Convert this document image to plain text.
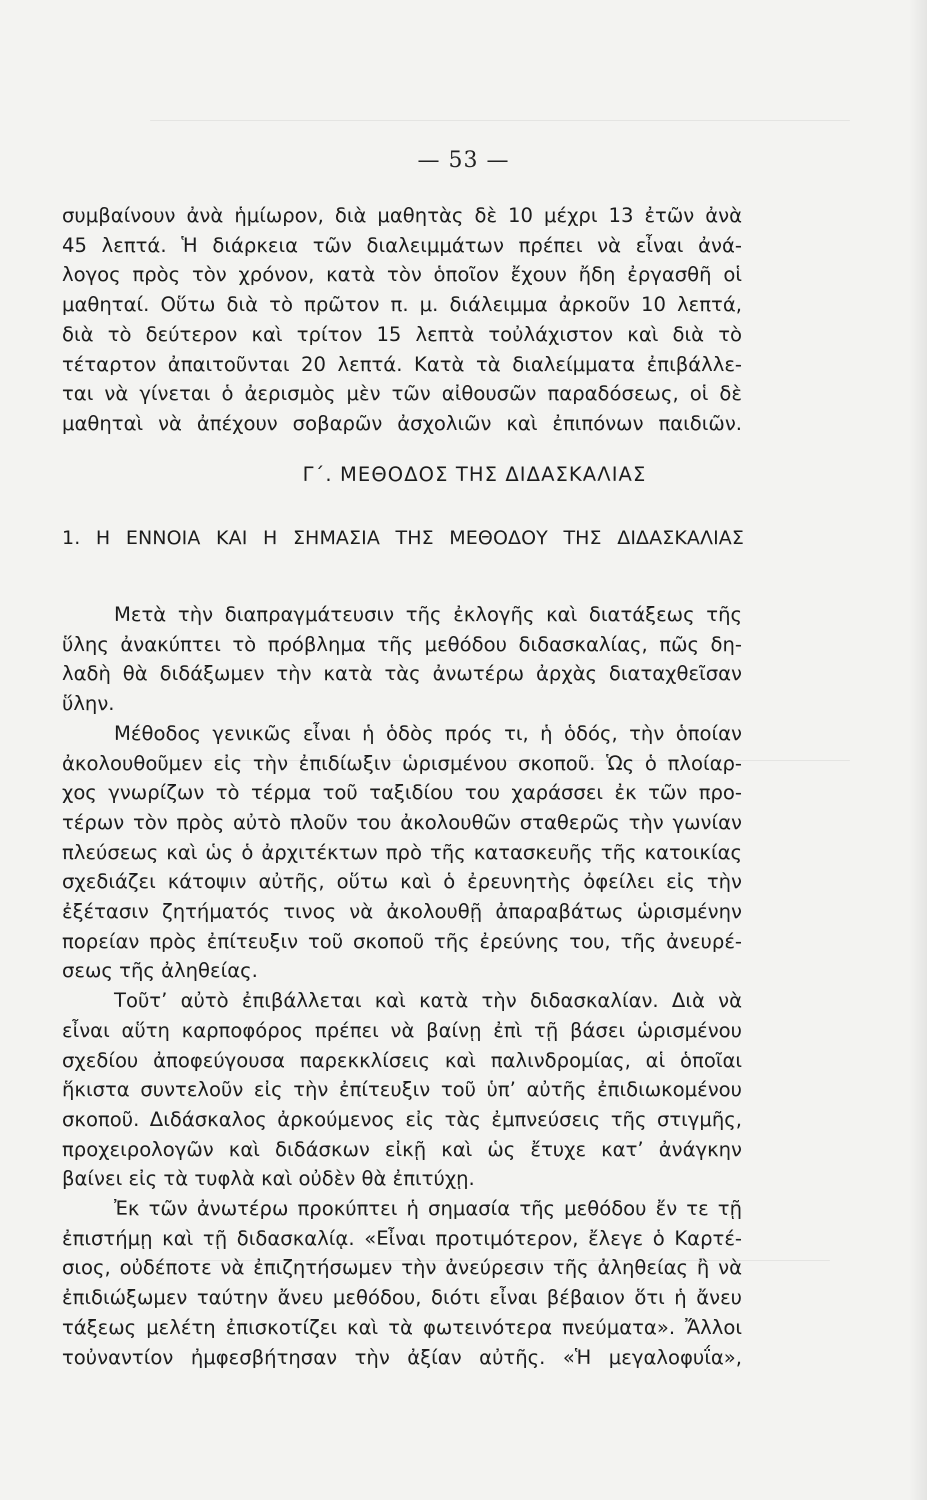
— 53 —
συμβαίνουν ἀνὰ ἡμίωρον, διὰ μαθητὰς δὲ 10 μέχρι 13 ἐτῶν ἀνὰ
45 λεπτά. Ἡ διάρκεια τῶν διαλειμμάτων πρέπει νὰ εἶναι ἀνά-
λογος πρὸς τὸν χρόνον, κατὰ τὸν ὁποῖον ἔχουν ἤδη ἐργασθῆ οἱ
μαθηταί. Οὕτω διὰ τὸ πρῶτον π. μ. διάλειμμα ἀρκοῦν 10 λεπτά,
διὰ τὸ δεύτερον καὶ τρίτον 15 λεπτὰ τοὐλάχιστον καὶ διὰ τὸ
τέταρτον ἀπαιτοῦνται 20 λεπτά. Κατὰ τὰ διαλείμματα ἐπιβάλλε-
ται νὰ γίνεται ὁ ἀερισμὸς μὲν τῶν αἰθουσῶν παραδόσεως, οἱ δὲ
μαθηταὶ νὰ ἀπέχουν σοβαρῶν ἀσχολιῶν καὶ ἐπιπόνων παιδιῶν.
Γ΄. ΜΕΘΟΔΟΣ ΤΗΣ ΔΙΔΑΣΚΑΛΙΑΣ
1. Η ΕΝΝΟΙΑ ΚΑΙ Η ΣΗΜΑΣΙΑ ΤΗΣ ΜΕΘΟΔΟΥ ΤΗΣ ΔΙΔΑΣΚΑΛΙΑΣ
Μετὰ τὴν διαπραγμάτευσιν τῆς ἐκλογῆς καὶ διατάξεως τῆς
ὕλης ἀνακύπτει τὸ πρόβλημα τῆς μεθόδου διδασκαλίας, πῶς δη-
λαδὴ θὰ διδάξωμεν τὴν κατὰ τὰς ἀνωτέρω ἀρχὰς διαταχθεῖσαν
ὕλην.
Μέθοδος γενικῶς εἶναι ἡ ὁδὸς πρός τι, ἡ ὁδός, τὴν ὁποίαν
ἀκολουθοῦμεν εἰς τὴν ἐπιδίωξιν ὡρισμένου σκοποῦ. Ὡς ὁ πλοίαρ-
χος γνωρίζων τὸ τέρμα τοῦ ταξιδίου του χαράσσει ἐκ τῶν προ-
τέρων τὸν πρὸς αὐτὸ πλοῦν του ἀκολουθῶν σταθερῶς τὴν γωνίαν
πλεύσεως καὶ ὡς ὁ ἀρχιτέκτων πρὸ τῆς κατασκευῆς τῆς κατοικίας
σχεδιάζει κάτοψιν αὐτῆς, οὕτω καὶ ὁ ἐρευνητὴς ὀφείλει εἰς τὴν
ἐξέτασιν ζητήματός τινος νὰ ἀκολουθῇ ἀπαραβάτως ὡρισμένην
πορείαν πρὸς ἐπίτευξιν τοῦ σκοποῦ τῆς ἐρεύνης του, τῆς ἀνευρέ-
σεως τῆς ἀληθείας.
Τοῦτ’ αὐτὸ ἐπιβάλλεται καὶ κατὰ τὴν διδασκαλίαν. Διὰ νὰ
εἶναι αὕτη καρποφόρος πρέπει νὰ βαίνῃ ἐπὶ τῇ βάσει ὡρισμένου
σχεδίου ἀποφεύγουσα παρεκκλίσεις καὶ παλινδρομίας, αἱ ὁποῖαι
ἥκιστα συντελοῦν εἰς τὴν ἐπίτευξιν τοῦ ὑπ’ αὐτῆς ἐπιδιωκομένου
σκοποῦ. Διδάσκαλος ἀρκούμενος εἰς τὰς ἐμπνεύσεις τῆς στιγμῆς,
προχειρολογῶν καὶ διδάσκων εἰκῇ καὶ ὡς ἔτυχε κατ’ ἀνάγκην
βαίνει εἰς τὰ τυφλὰ καὶ οὐδὲν θὰ ἐπιτύχῃ.
Ἐκ τῶν ἀνωτέρω προκύπτει ἡ σημασία τῆς μεθόδου ἔν τε τῇ
ἐπιστήμῃ καὶ τῇ διδασκαλίᾳ. «Εἶναι προτιμότερον, ἔλεγε ὁ Καρτέ-
σιος, οὐδέποτε νὰ ἐπιζητήσωμεν τὴν ἀνεύρεσιν τῆς ἀληθείας ἢ νὰ
ἐπιδιώξωμεν ταύτην ἄνευ μεθόδου, διότι εἶναι βέβαιον ὅτι ἡ ἄνευ
τάξεως μελέτη ἐπισκοτίζει καὶ τὰ φωτεινότερα πνεύματα». Ἄλλοι
τοὐναντίον ἠμφεσβήτησαν τὴν ἀξίαν αὐτῆς. «Ἡ μεγαλοφυΐα»,
